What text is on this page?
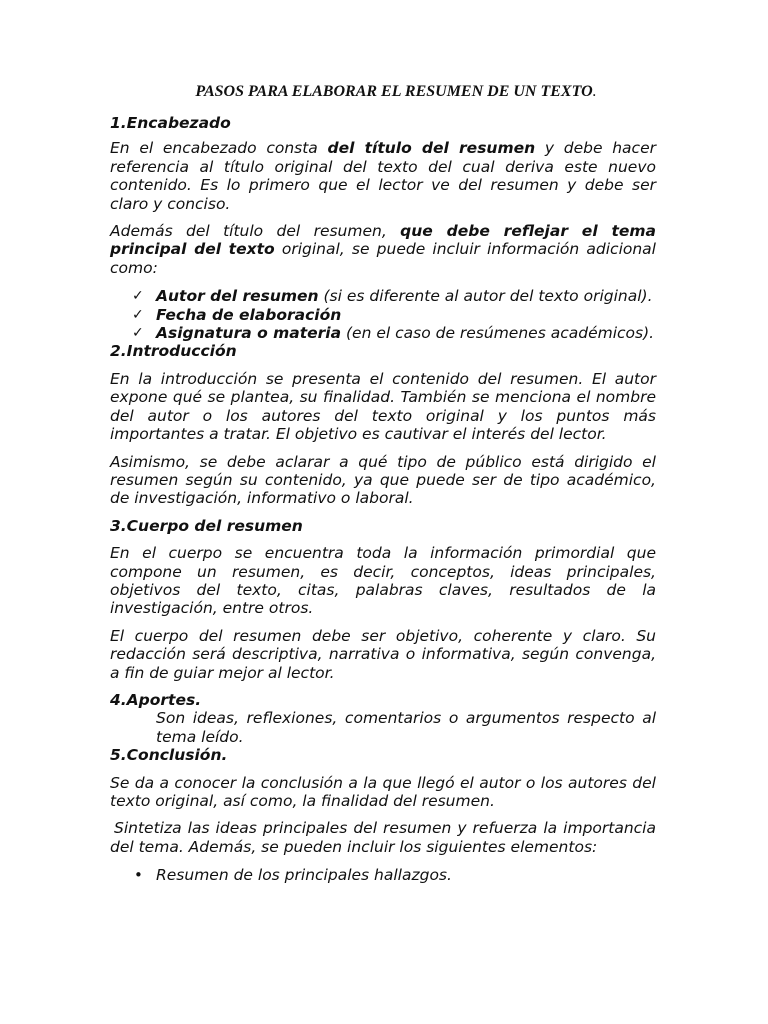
PASOS PARA ELABORAR EL RESUMEN DE UN TEXTO.

1.Encabezado

En el encabezado consta del título del resumen y debe hacer referencia al título original del texto del cual deriva este nuevo contenido. Es lo primero que el lector ve del resumen y debe ser claro y conciso.

Además del título del resumen, que debe reflejar el tema principal del texto original, se puede incluir información adicional como:

✓ Autor del resumen (si es diferente al autor del texto original).
✓ Fecha de elaboración
✓ Asignatura o materia (en el caso de resúmenes académicos).

2.Introducción

En la introducción se presenta el contenido del resumen. El autor expone qué se plantea, su finalidad. También se menciona el nombre del autor o los autores del texto original y los puntos más importantes a tratar. El objetivo es cautivar el interés del lector.

Asimismo, se debe aclarar a qué tipo de público está dirigido el resumen según su contenido, ya que puede ser de tipo académico, de investigación, informativo o laboral.

3.Cuerpo del resumen

En el cuerpo se encuentra toda la información primordial que compone un resumen, es decir, conceptos, ideas principales, objetivos del texto, citas, palabras claves, resultados de la investigación, entre otros.

El cuerpo del resumen debe ser objetivo, coherente y claro. Su redacción será descriptiva, narrativa o informativa, según convenga, a fin de guiar mejor al lector.

4.Aportes.

Son ideas, reflexiones, comentarios o argumentos respecto al tema leído.

5.Conclusión.

Se da a conocer la conclusión a la que llegó el autor o los autores del texto original, así como, la finalidad del resumen.

Sintetiza las ideas principales del resumen y refuerza la importancia del tema. Además, se pueden incluir los siguientes elementos:

• Resumen de los principales hallazgos.
